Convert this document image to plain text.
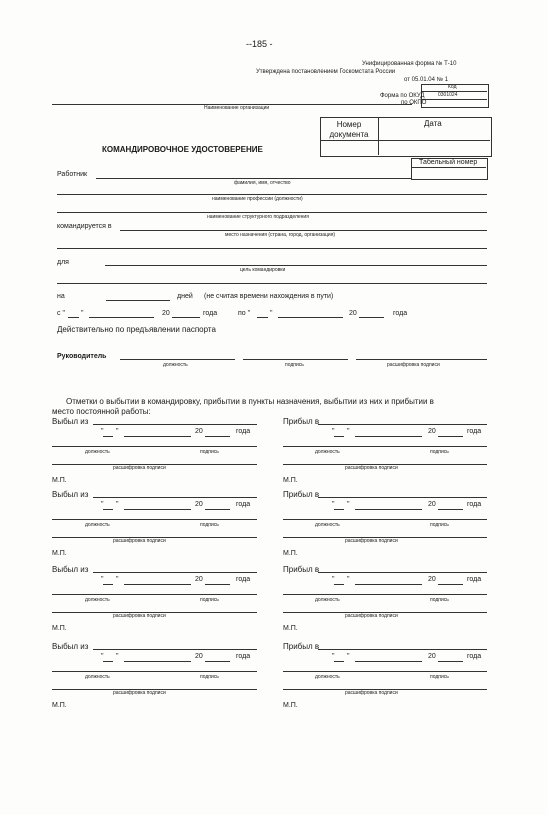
--185 -
Унифицированная форма № Т-10
Утверждена постановлением Госкомстата России
от 05.01.04 № 1
Код
Форма по ОКУД	0301024
по ОКПО
Наименование организации
Номер документа
Дата
КОМАНДИРОВОЧНОЕ УДОСТОВЕРЕНИЕ
Табельный номер
Работник
фамилия, имя, отчество
наименование профессии (должности)
наименование структурного подразделения
командируется в
место назначения (страна, город, организация)
для
цель командировки
на	дней (не считая времени нахождения в пути)
с " "	20	года	по "	"	20	года
Действительно по предъявлении паспорта
Руководитель
должность	подпись	расшифровка подписи
Отметки о выбытии в командировку, прибытии в пункты назначения, выбытии из них и прибытии в
место постоянной работы:
Выбыл из
" "	20	года
должность	подпись
расшифровка подписи
М.П.
Прибыл в
" "	20	года
должность	подпись
расшифровка подписи
М.П.
Выбыл из
" "	20	года
должность	подпись
расшифровка подписи
М.П.
Прибыл в
" "	20	года
должность	подпись
расшифровка подписи
М.П.
Выбыл из
" "	20	года
должность	подпись
расшифровка подписи
М.П.
Прибыл в
" "	20	года
должность	подпись
расшифровка подписи
М.П.
Выбыл из
" "	20	года
должность	подпись
расшифровка подписи
М.П.
Прибыл в
" "	20	года
должность	подпись
расшифровка подписи
М.П.
